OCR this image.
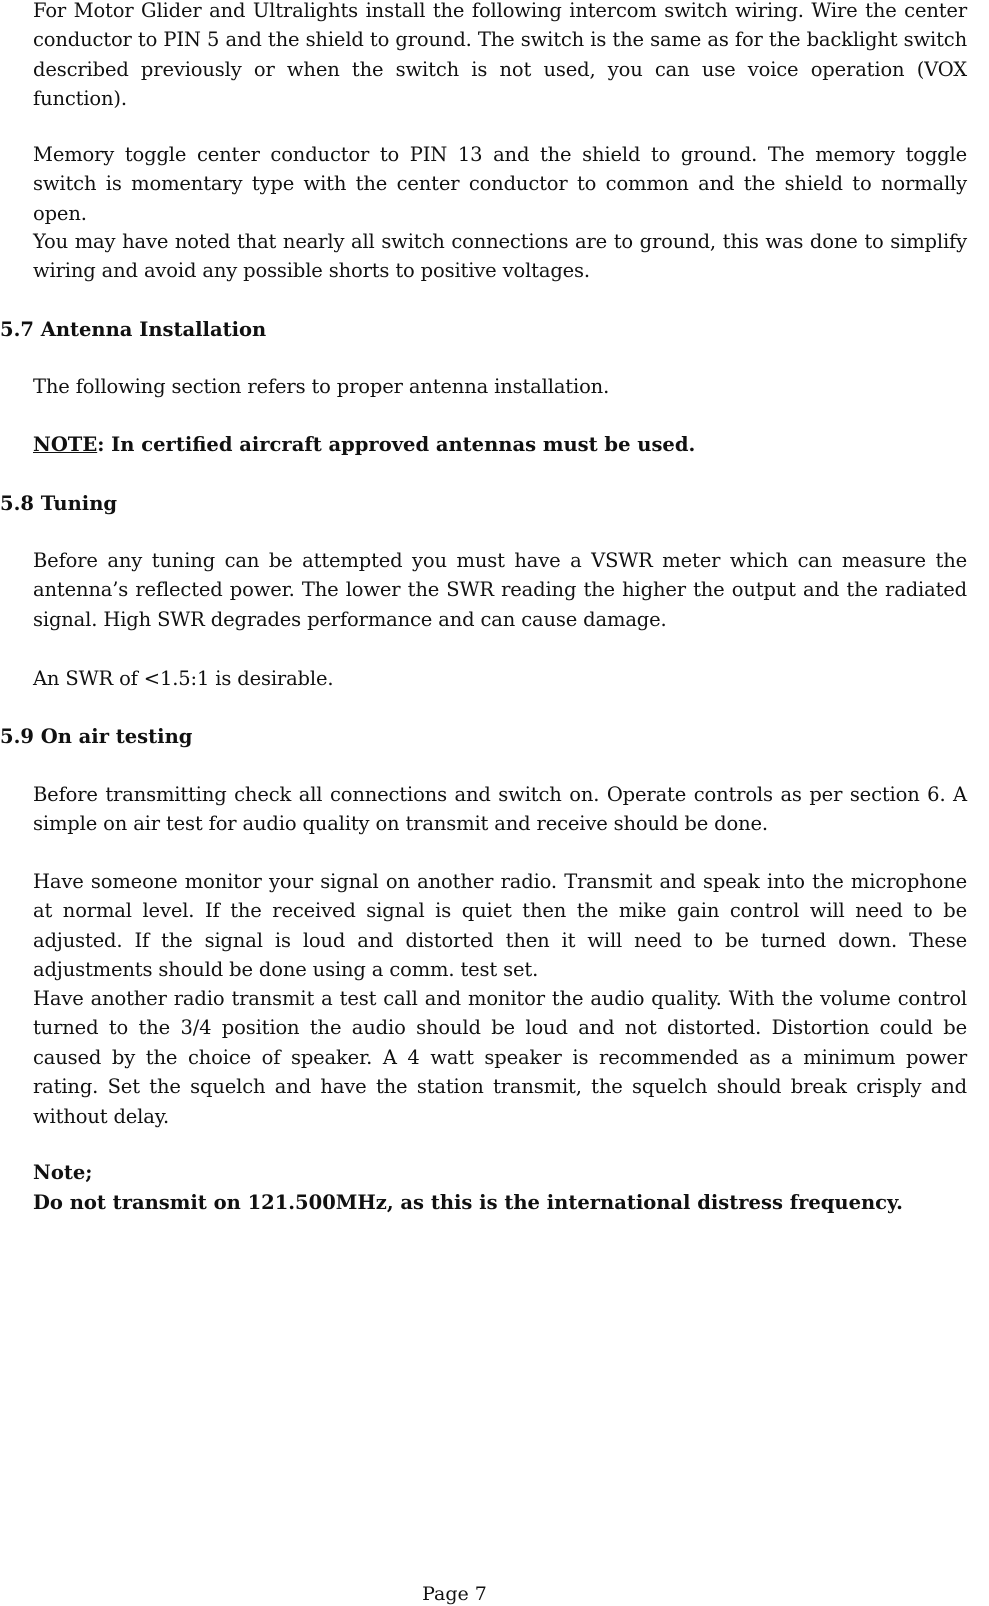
For Motor Glider and Ultralights install the following intercom switch wiring. Wire the center conductor to PIN 5 and the shield to ground. The switch is the same as for the backlight switch described previously or when the switch is not used, you can use voice operation (VOX function).

Memory toggle center conductor to PIN 13 and the shield to ground. The memory toggle switch is momentary type with the center conductor to common and the shield to normally open.

You may have noted that nearly all switch connections are to ground, this was done to simplify wiring and avoid any possible shorts to positive voltages.

5.7 Antenna Installation

The following section refers to proper antenna installation.

NOTE: In certified aircraft approved antennas must be used.

5.8 Tuning

Before any tuning can be attempted you must have a VSWR meter which can measure the antenna’s reflected power. The lower the SWR reading the higher the output and the radiated signal. High SWR degrades performance and can cause damage.

An SWR of <1.5:1 is desirable.

5.9 On air testing

Before transmitting check all connections and switch on. Operate controls as per section 6. A simple on air test for audio quality on transmit and receive should be done.

Have someone monitor your signal on another radio. Transmit and speak into the microphone at normal level. If the received signal is quiet then the mike gain control will need to be adjusted. If the signal is loud and distorted then it will need to be turned down. These adjustments should be done using a comm. test set.

Have another radio transmit a test call and monitor the audio quality. With the volume control turned to the 3/4 position the audio should be loud and not distorted. Distortion could be caused by the choice of speaker. A 4 watt speaker is recommended as a minimum power rating. Set the squelch and have the station transmit, the squelch should break crisply and without delay.

Note;

Do not transmit on 121.500MHz, as this is the international distress frequency.

Page 7
